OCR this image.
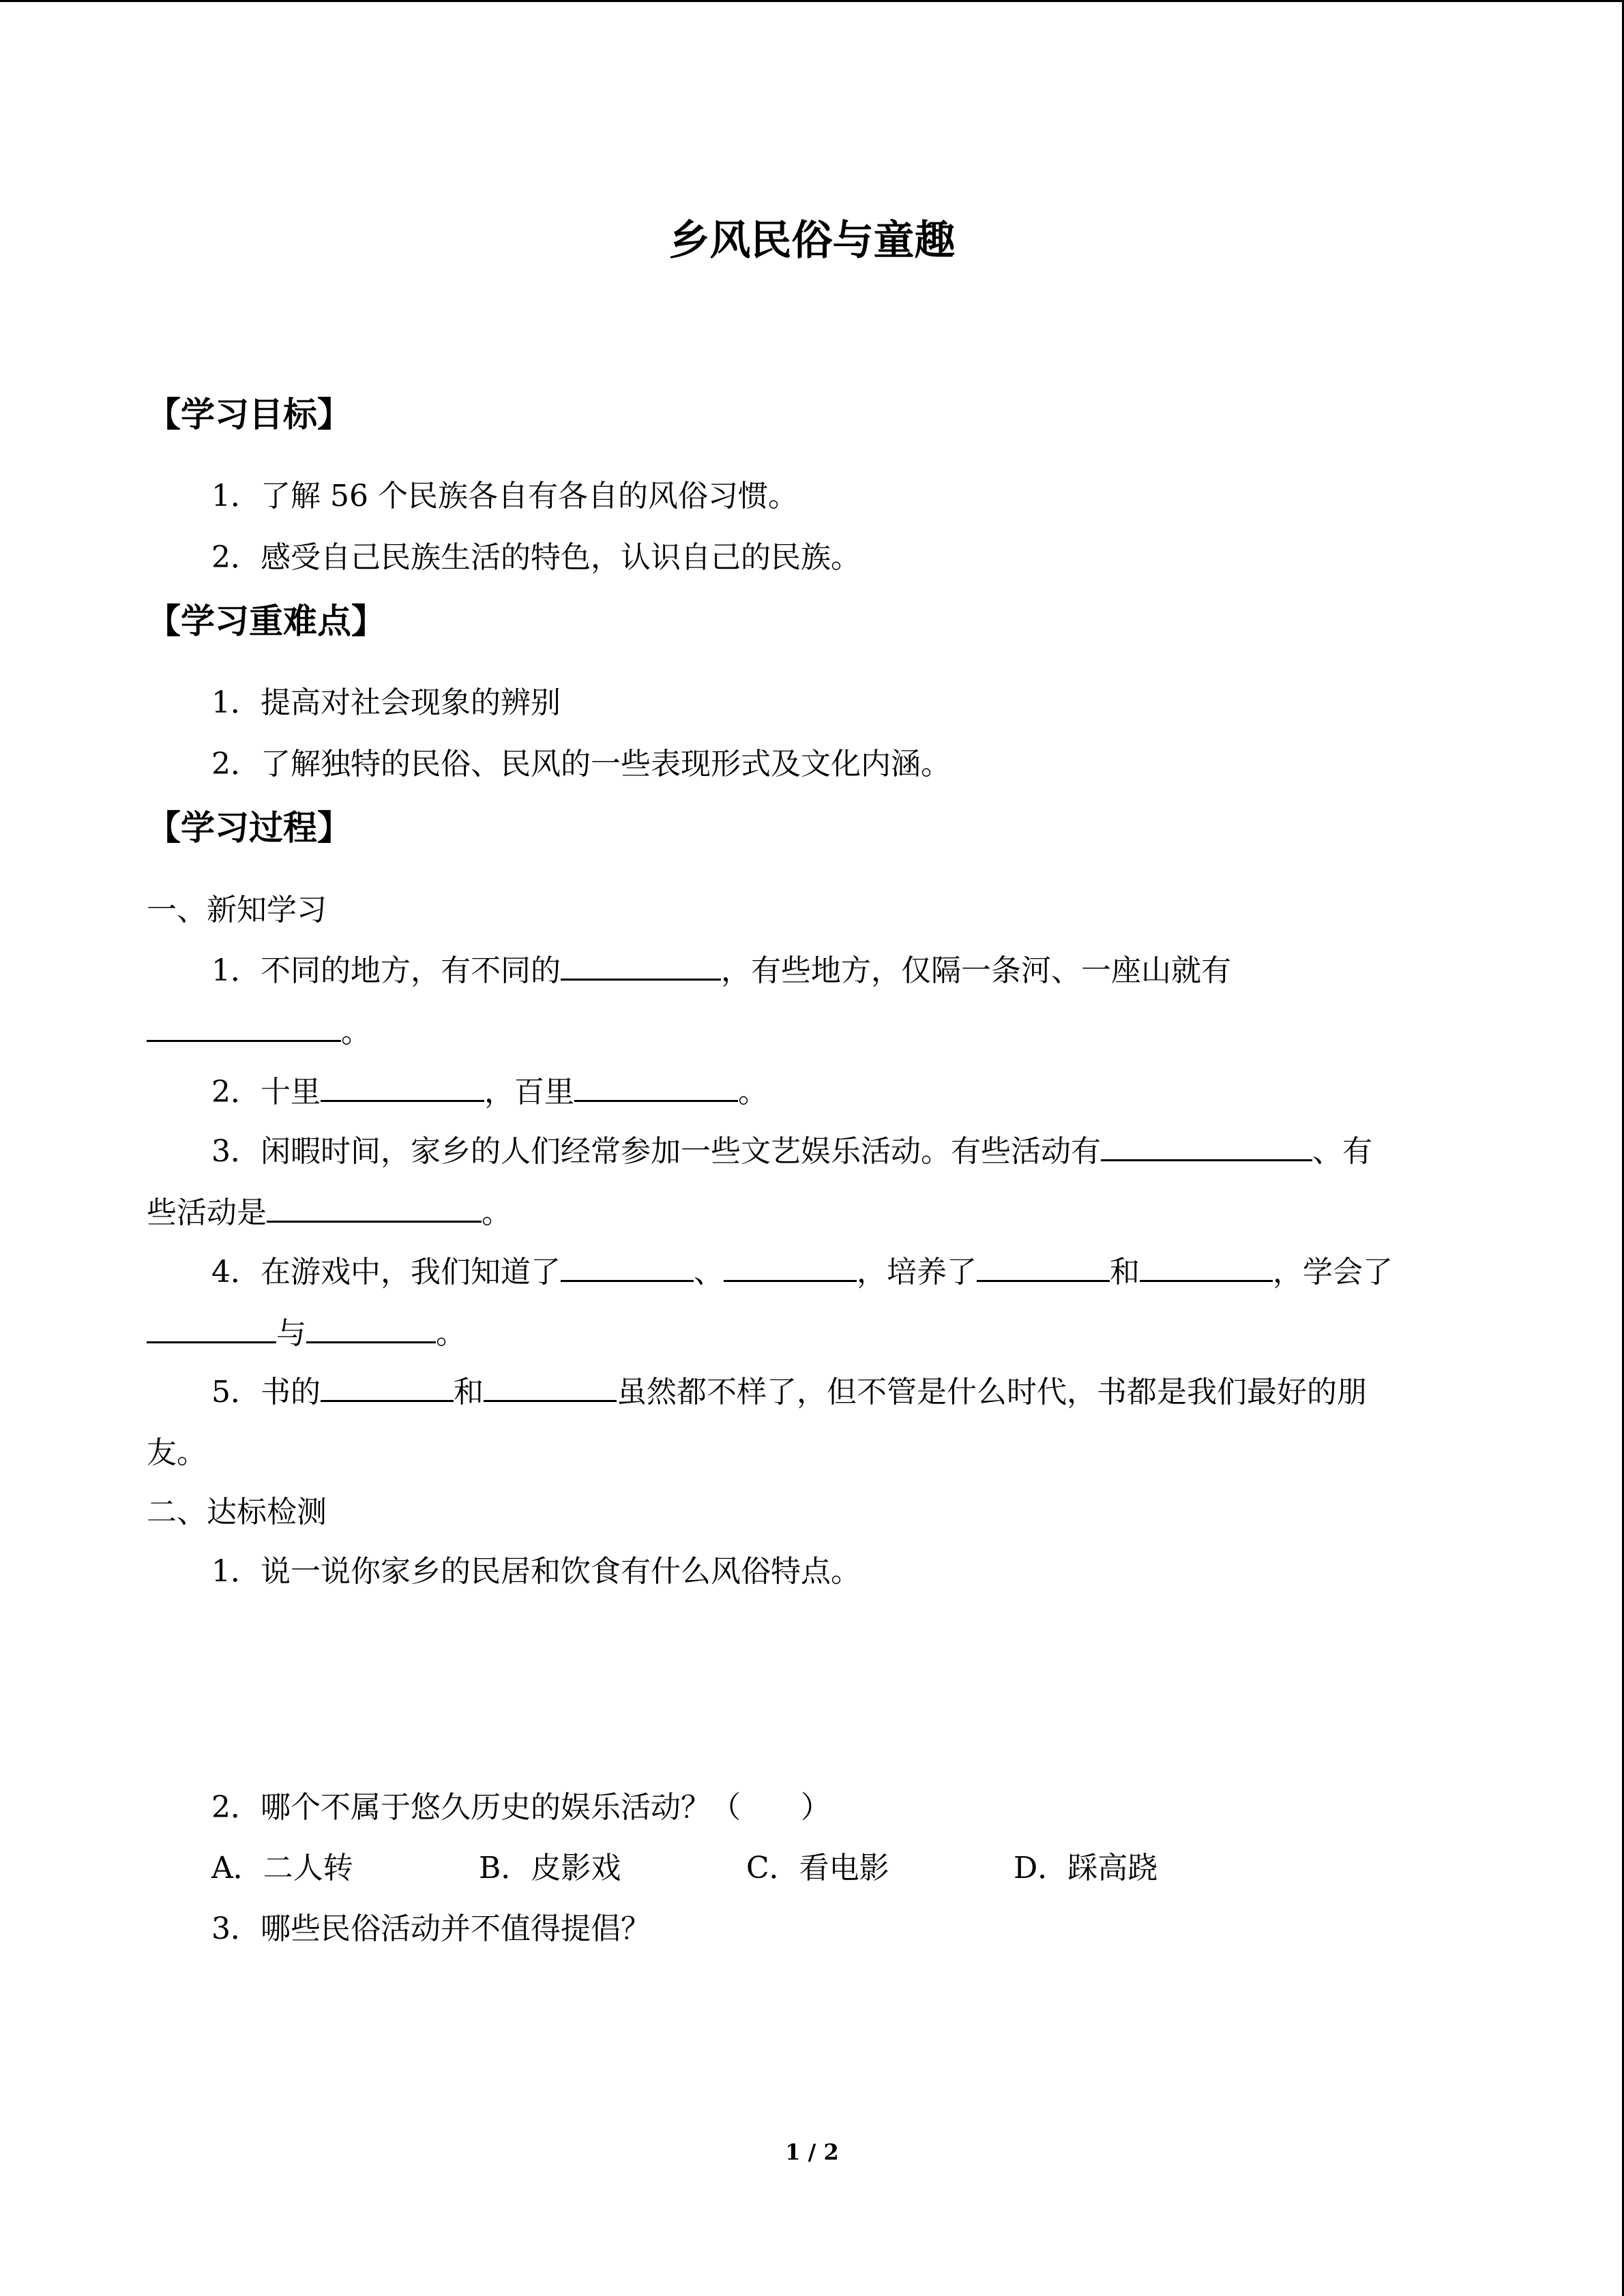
乡风民俗与童趣
【学习目标】
1．了解 56 个民族各自有各自的风俗习惯。
2．感受自己民族生活的特色，认识自己的民族。
【学习重难点】
1．提高对社会现象的辨别
2．了解独特的民俗、民风的一些表现形式及文化内涵。
【学习过程】
一、新知学习
1．不同的地方，有不同的	，有些地方，仅隔一条河、一座山就有
。
2．十里	，百里	。
3．闲暇时间，家乡的人们经常参加一些文艺娱乐活动。有些活动有	、有
些活动是	。
4．在游戏中，我们知道了	、	，培养了	和	，学会了
与	。
5．书的	和	虽然都不样了，但不管是什么时代，书都是我们最好的朋
友。
二、达标检测
1．说一说你家乡的民居和饮食有什么风俗特点。
2．哪个不属于悠久历史的娱乐活动？（　　）
A．二人转	B．皮影戏	C．看电影	D．踩高跷
3．哪些民俗活动并不值得提倡？
1 / 2
